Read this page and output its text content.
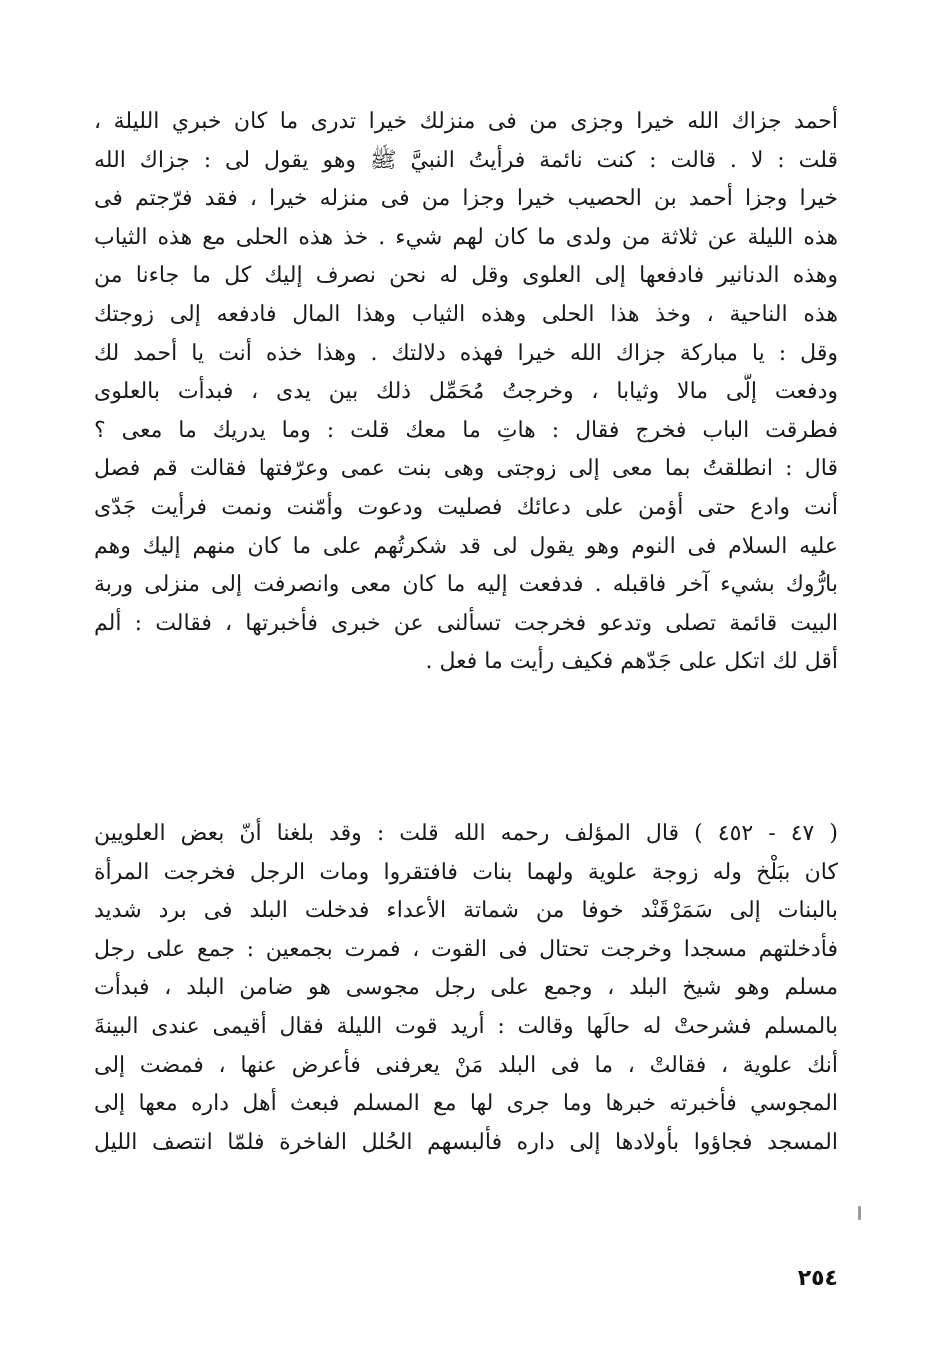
أحمد جزاك الله خيرا وجزى من فى منزلك خيرا تدرى ما كان خبري الليلة ،
قلت : لا . قالت : كنت نائمة فرأيتُ النبيَّ ﷺ وهو يقول لى : جزاك الله
خيرا وجزا أحمد بن الحصيب خيرا وجزا من فى منزله خيرا ، فقد فرّجتم فى
هذه الليلة عن ثلاثة من ولدى ما كان لهم شيء . خذ هذه الحلى مع هذه الثياب
وهذه الدنانير فادفعها إلى العلوى وقل له نحن نصرف إليك كل ما جاءنا من
هذه الناحية ، وخذ هذا الحلى وهذه الثياب وهذا المال فادفعه إلى زوجتك
وقل : يا مباركة جزاك الله خيرا فهذه دلالتك . وهذا خذه أنت يا أحمد لك
ودفعت إلَّى مالا وثيابا ، وخرجتُ مُحَمِّل ذلك بين يدى ، فبدأت بالعلوى
فطرقت الباب فخرج فقال : هاتِ ما معك قلت : وما يدريك ما معى ؟
قال : انطلقتُ بما معى إلى زوجتى وهى بنت عمى وعرّفتها فقالت قم فصل
أنت وادع حتى أؤمن على دعائك فصليت ودعوت وأمّنت ونمت فرأيت جَدّى
عليه السلام فى النوم وهو يقول لى قد شكرتُهم على ما كان منهم إليك وهم
بارُّوك بشيء آخر فاقبله . فدفعت إليه ما كان معى وانصرفت إلى منزلى وربة
البيت قائمة تصلى وتدعو فخرجت تسألنى عن خبرى فأخبرتها ، فقالت : ألم
أقل لك اتكل على جَدّهم فكيف رأيت ما فعل .
( ٤٧ - ٤٥٢ ) قال المؤلف رحمه الله قلت : وقد بلغنا أنّ بعض العلويين
كان ببَلْخ وله زوجة علوية ولهما بنات فافتقروا ومات الرجل فخرجت المرأة
بالبنات إلى سَمَرْقَنْد خوفا من شماتة الأعداء فدخلت البلد فى برد شديد
فأدخلتهم مسجدا وخرجت تحتال فى القوت ، فمرت بجمعين : جمع على رجل
مسلم وهو شيخ البلد ، وجمع على رجل مجوسى هو ضامن البلد ، فبدأت
بالمسلم فشرحتْ له حالَها وقالت : أريد قوت الليلة فقال أقيمى عندى البينةَ
أنك علوية ، فقالتْ ، ما فى البلد مَنْ يعرفنى فأعرض عنها ، فمضت إلى
المجوسي فأخبرته خبرها وما جرى لها مع المسلم فبعث أهل داره معها إلى
المسجد فجاؤوا بأولادها إلى داره فألبسهم الحُلل الفاخرة فلمّا انتصف الليل
٢٥٤
